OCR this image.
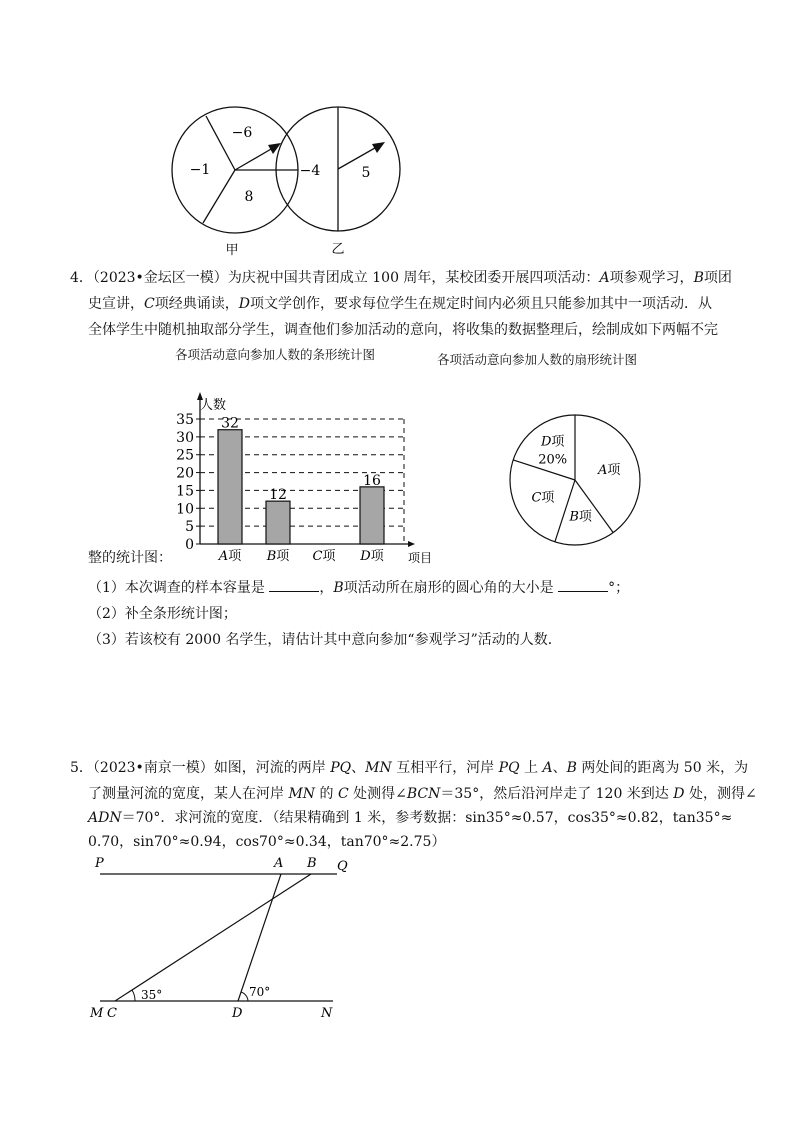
−6
−1
8
甲
−4	5
乙
4．（2023•金坛区一模）为庆祝中国共青团成立 100 周年，某校团委开展四项活动：A项参观学习，B项团
史宣讲，C项经典诵读，D项文学创作，要求每位学生在规定时间内必须且只能参加其中一项活动．从
全体学生中随机抽取部分学生，调查他们参加活动的意向，将收集的数据整理后，绘制成如下两幅不完
各项活动意向参加人数的条形统计图	各项活动意向参加人数的扇形统计图
0
5
10
15
20
25
30
35
人数
项目
32
A项
12
B项 C项
16
D项
A项
B项
C项
D项
20%
整的统计图：
（1）本次调查的样本容量是	，B项活动所在扇形的圆心角的大小是	°；
（2）补全条形统计图；
（3）若该校有 2000 名学生，请估计其中意向参加“参观学习”活动的人数．
5．（2023•南京一模）如图，河流的两岸 PQ、MN 互相平行，河岸 PQ 上 A、B 两处间的距离为 50 米，为
了测量河流的宽度，某人在河岸 MN 的 C 处测得∠BCN＝35°，然后沿河岸走了 120 米到达 D 处，测得∠
ADN＝70°．求河流的宽度．（结果精确到 1 米，参考数据：sin35°≈0.57，cos35°≈0.82，tan35°≈
0.70，sin70°≈0.94，cos70°≈0.34，tan70°≈2.75）
P	A B Q
M C	D	N
35°	70°
